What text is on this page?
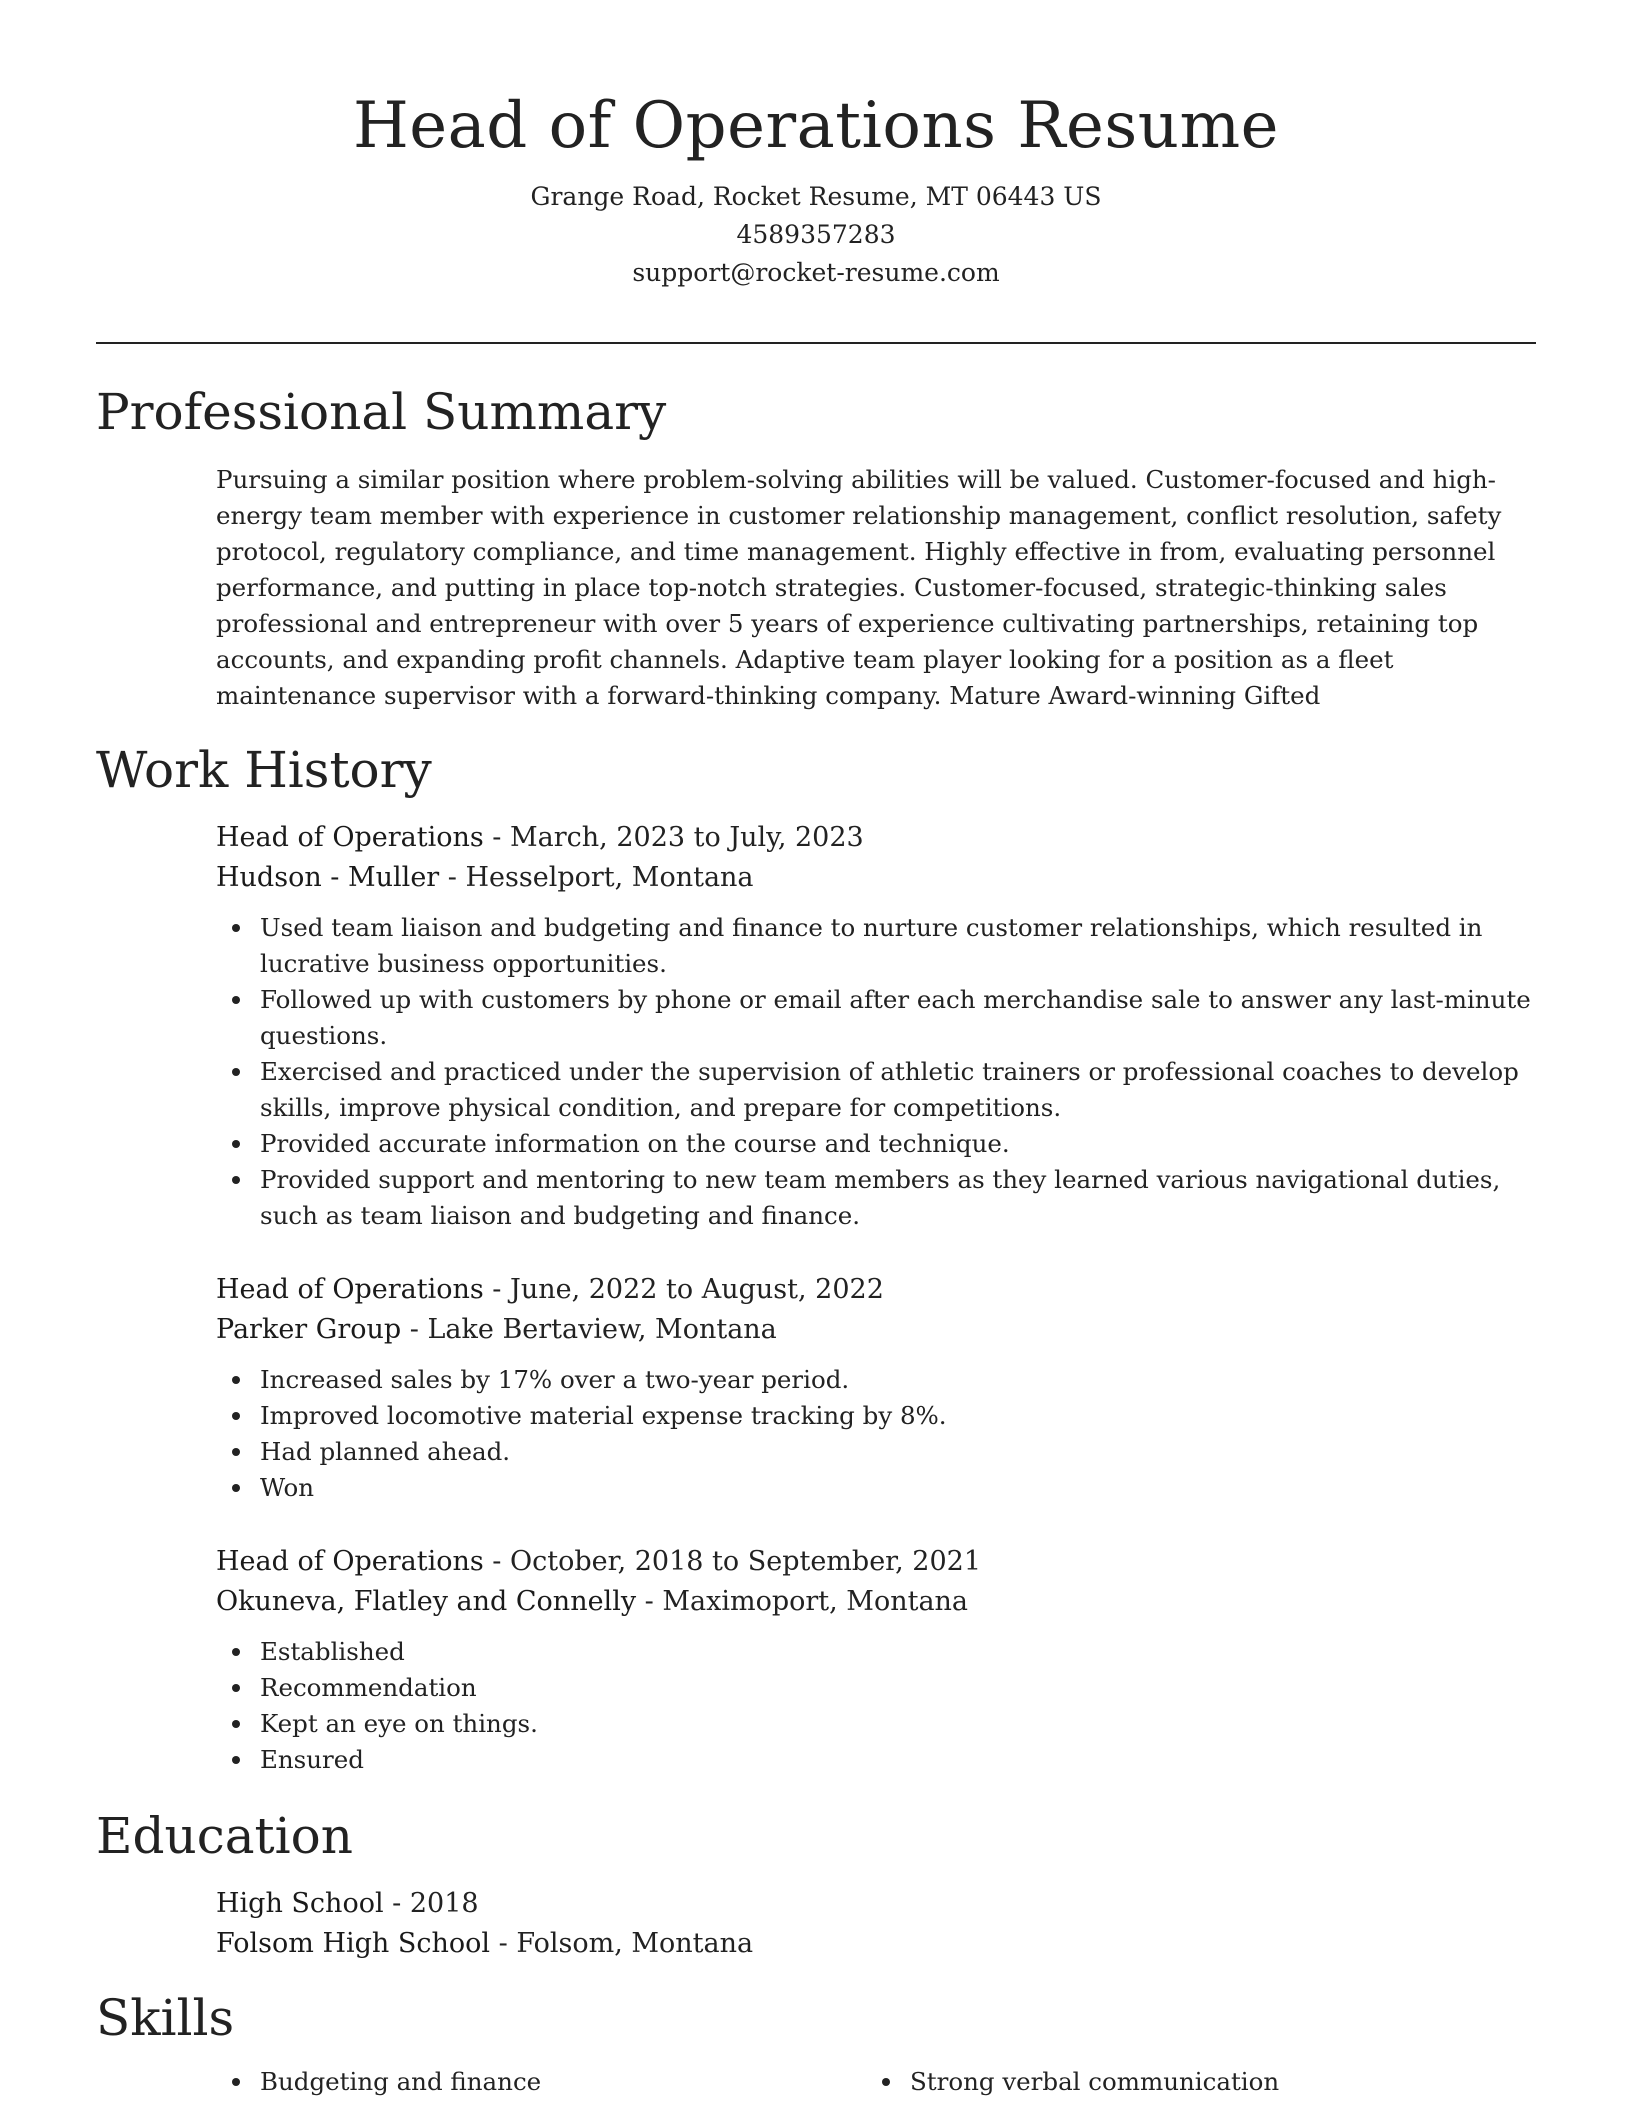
Head of Operations Resume

Grange Road, Rocket Resume, MT 06443 US

4589357283

support@rocket-resume.com

Professional Summary

Pursuing a similar position where problem-solving abilities will be valued. Customer-focused and high-energy team member with experience in customer relationship management, conflict resolution, safety protocol, regulatory compliance, and time management. Highly effective in from, evaluating personnel performance, and putting in place top-notch strategies. Customer-focused, strategic-thinking sales professional and entrepreneur with over 5 years of experience cultivating partnerships, retaining top accounts, and expanding profit channels. Adaptive team player looking for a position as a fleet maintenance supervisor with a forward-thinking company. Mature Award-winning Gifted

Work History

Head of Operations - March, 2023 to July, 2023

Hudson - Muller - Hesselport, Montana

Used team liaison and budgeting and finance to nurture customer relationships, which resulted in lucrative business opportunities.
Followed up with customers by phone or email after each merchandise sale to answer any last-minute questions.
Exercised and practiced under the supervision of athletic trainers or professional coaches to develop skills, improve physical condition, and prepare for competitions.
Provided accurate information on the course and technique.
Provided support and mentoring to new team members as they learned various navigational duties, such as team liaison and budgeting and finance.

Head of Operations - June, 2022 to August, 2022

Parker Group - Lake Bertaview, Montana

Increased sales by 17% over a two-year period.
Improved locomotive material expense tracking by 8%.
Had planned ahead.
Won

Head of Operations - October, 2018 to September, 2021

Okuneva, Flatley and Connelly - Maximoport, Montana

Established
Recommendation
Kept an eye on things.
Ensured
Education

High School - 2018

Folsom High School - Folsom, Montana

Skills
Budgeting and finance	Strong verbal communication
